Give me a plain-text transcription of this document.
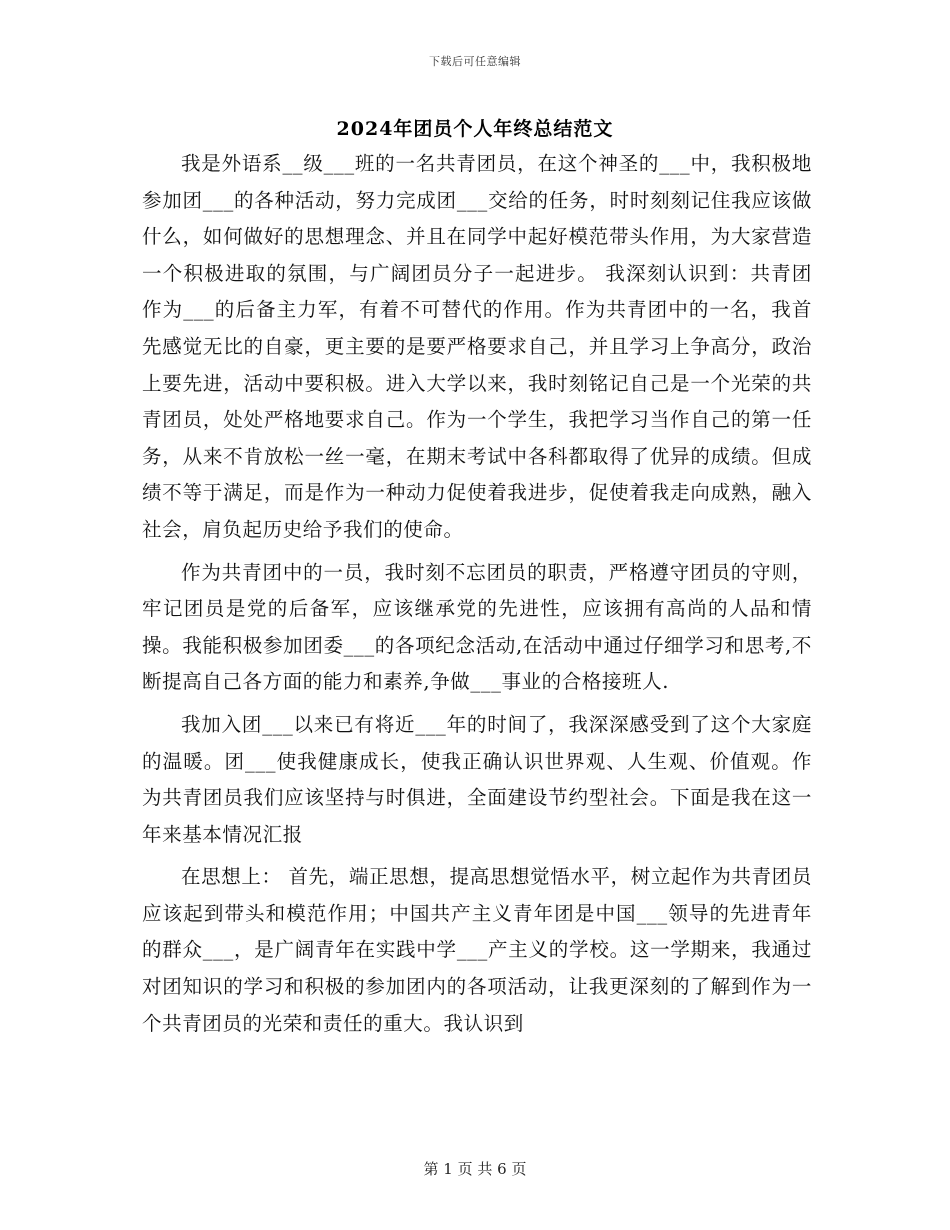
下载后可任意编辑
2024年团员个人年终总结范文

我是外语系__级___班的一名共青团员，在这个神圣的___中，我积极地参加团___的各种活动，努力完成团___交给的任务，时时刻刻记住我应该做什么，如何做好的思想理念、并且在同学中起好模范带头作用，为大家营造一个积极进取的氛围，与广阔团员分子一起进步。 我深刻认识到：共青团作为___的后备主力军，有着不可替代的作用。作为共青团中的一名，我首先感觉无比的自豪，更主要的是要严格要求自己，并且学习上争高分，政治上要先进，活动中要积极。进入大学以来，我时刻铭记自己是一个光荣的共青团员，处处严格地要求自己。作为一个学生，我把学习当作自己的第一任务，从来不肯放松一丝一毫，在期末考试中各科都取得了优异的成绩。但成绩不等于满足，而是作为一种动力促使着我进步，促使着我走向成熟，融入社会，肩负起历史给予我们的使命。

作为共青团中的一员，我时刻不忘团员的职责，严格遵守团员的守则，牢记团员是党的后备军，应该继承党的先进性，应该拥有高尚的人品和情操。我能积极参加团委___的各项纪念活动,在活动中通过仔细学习和思考,不断提高自己各方面的能力和素养,争做___事业的合格接班人.

我加入团___以来已有将近___年的时间了，我深深感受到了这个大家庭的温暖。团___使我健康成长，使我正确认识世界观、人生观、价值观。作为共青团员我们应该坚持与时俱进，全面建设节约型社会。下面是我在这一年来基本情况汇报

在思想上： 首先，端正思想，提高思想觉悟水平，树立起作为共青团员应该起到带头和模范作用；中国共产主义青年团是中国___领导的先进青年的群众___，是广阔青年在实践中学___产主义的学校。这一学期来，我通过对团知识的学习和积极的参加团内的各项活动，让我更深刻的了解到作为一个共青团员的光荣和责任的重大。我认识到

第 1 页 共 6 页
